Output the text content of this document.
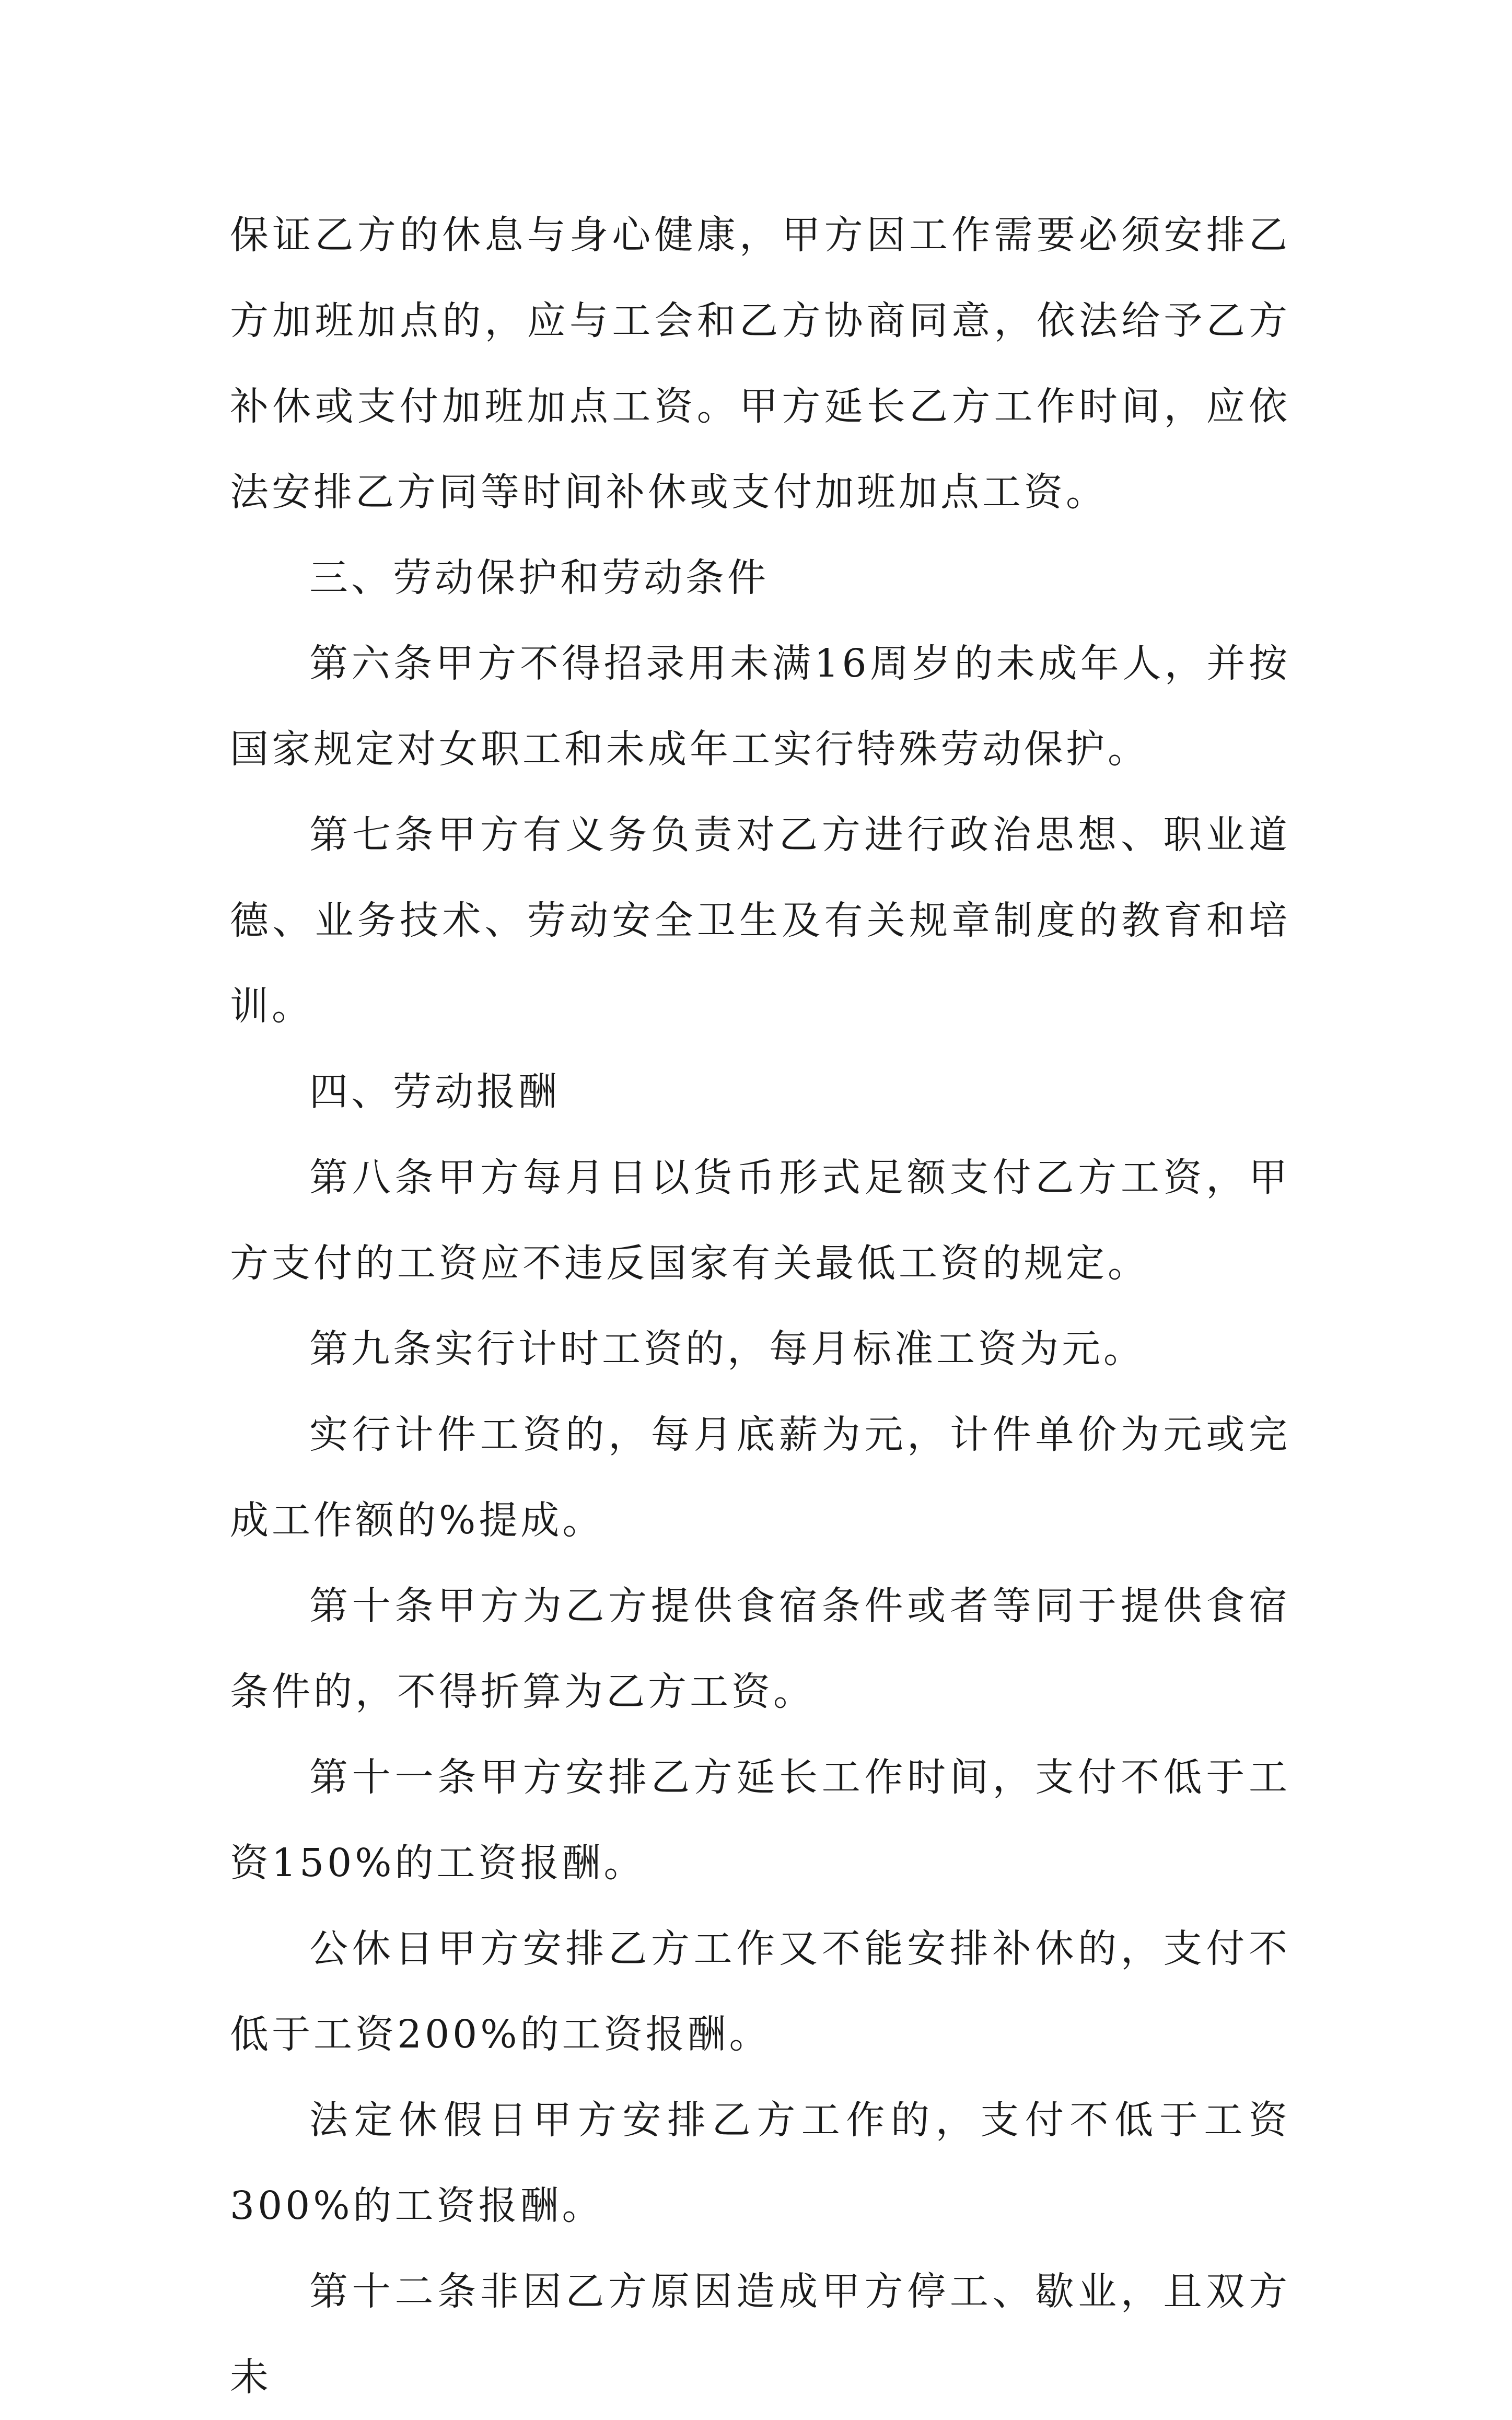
保证乙方的休息与身心健康，甲方因工作需要必须安排乙方加班加点的，应与工会和乙方协商同意，依法给予乙方补休或支付加班加点工资。甲方延长乙方工作时间，应依法安排乙方同等时间补休或支付加班加点工资。

三、劳动保护和劳动条件

第六条甲方不得招录用未满16周岁的未成年人，并按国家规定对女职工和未成年工实行特殊劳动保护。

第七条甲方有义务负责对乙方进行政治思想、职业道德、业务技术、劳动安全卫生及有关规章制度的教育和培训。

四、劳动报酬

第八条甲方每月日以货币形式足额支付乙方工资，甲方支付的工资应不违反国家有关最低工资的规定。

第九条实行计时工资的，每月标准工资为元。

实行计件工资的，每月底薪为元，计件单价为元或完成工作额的%提成。

第十条甲方为乙方提供食宿条件或者等同于提供食宿条件的，不得折算为乙方工资。

第十一条甲方安排乙方延长工作时间，支付不低于工资150%的工资报酬。

公休日甲方安排乙方工作又不能安排补休的，支付不低于工资200%的工资报酬。

法定休假日甲方安排乙方工作的，支付不低于工资300%的工资报酬。

第十二条非因乙方原因造成甲方停工、歇业，且双方未
